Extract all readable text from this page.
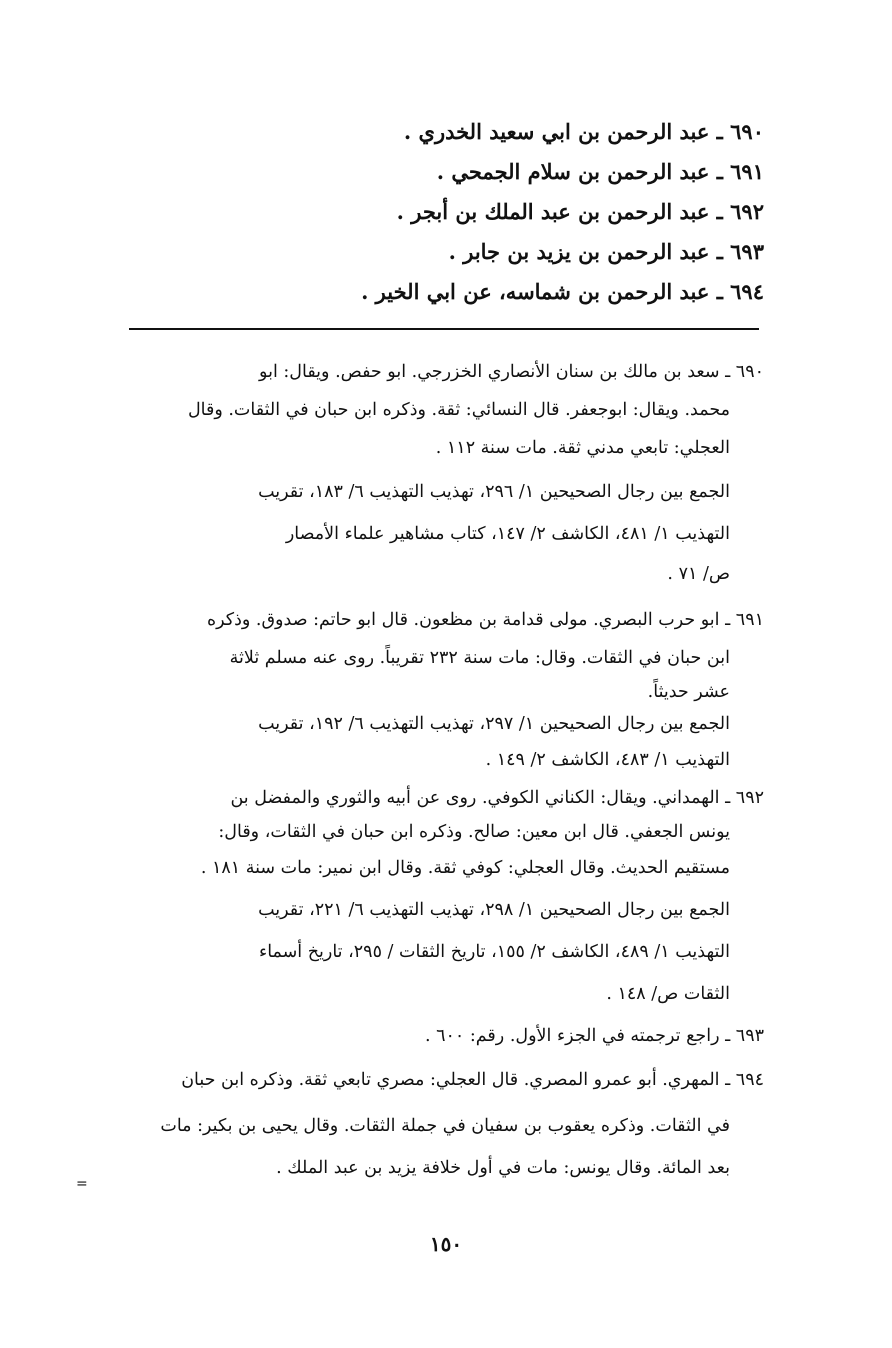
٦٩٠ ـ عبد الرحمن بن ابي سعيد الخدري .
٦٩١ ـ عبد الرحمن بن سلام الجمحي .
٦٩٢ ـ عبد الرحمن بن عبد الملك بن أبجر .
٦٩٣ ـ عبد الرحمن بن يزيد بن جابر .
٦٩٤ ـ عبد الرحمن بن شماسه، عن ابي الخير .
٦٩٠ ـ سعد بن مالك بن سنان الأنصاري الخزرجي. ابو حفص. ويقال: ابو
محمد. ويقال: ابوجعفر. قال النسائي: ثقة. وذكره ابن حبان في الثقات. وقال
العجلي: تابعي مدني ثقة. مات سنة ١١٢ .
الجمع بين رجال الصحيحين ١/ ٢٩٦، تهذيب التهذيب ٦/ ١٨٣، تقريب
التهذيب ١/ ٤٨١، الكاشف ٢/ ١٤٧، كتاب مشاهير علماء الأمصار
ص/ ٧١ .
٦٩١ ـ ابو حرب البصري. مولى قدامة بن مظعون. قال ابو حاتم: صدوق. وذكره
ابن حبان في الثقات. وقال: مات سنة ٢٣٢ تقريباً. روى عنه مسلم ثلاثة
عشر حديثاً.
الجمع بين رجال الصحيحين ١/ ٢٩٧، تهذيب التهذيب ٦/ ١٩٢، تقريب
التهذيب ١/ ٤٨٣، الكاشف ٢/ ١٤٩ .
٦٩٢ ـ الهمداني. ويقال: الكناني الكوفي. روى عن أبيه والثوري والمفضل بن
يونس الجعفي. قال ابن معين: صالح. وذكره ابن حبان في الثقات، وقال:
مستقيم الحديث. وقال العجلي: كوفي ثقة. وقال ابن نمير: مات سنة ١٨١ .
الجمع بين رجال الصحيحين ١/ ٢٩٨، تهذيب التهذيب ٦/ ٢٢١، تقريب
التهذيب ١/ ٤٨٩، الكاشف ٢/ ١٥٥، تاريخ الثقات / ٢٩٥، تاريخ أسماء
الثقات ص/ ١٤٨ .
٦٩٣ ـ راجع ترجمته في الجزء الأول. رقم: ٦٠٠ .
٦٩٤ ـ المهري. أبو عمرو المصري. قال العجلي: مصري تابعي ثقة. وذكره ابن حبان
في الثقات. وذكره يعقوب بن سفيان في جملة الثقات. وقال يحيى بن بكير: مات
بعد المائة. وقال يونس: مات في أول خلافة يزيد بن عبد الملك .
=
١٥٠
